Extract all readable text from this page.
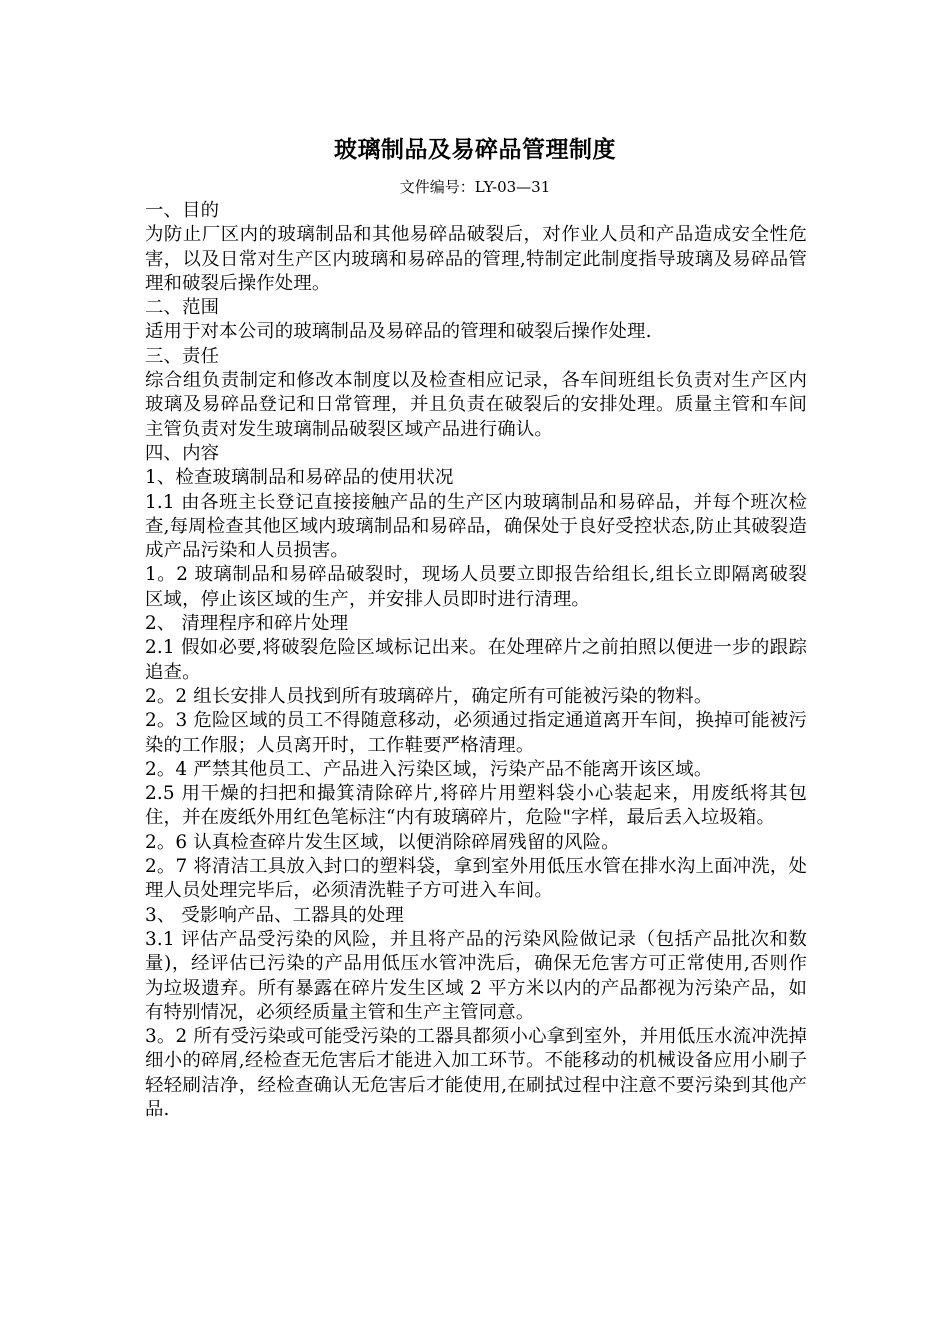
玻璃制品及易碎品管理制度
文件编号：LY-03—31

一、目的

为防止厂区内的玻璃制品和其他易碎品破裂后，对作业人员和产品造成安全性危害，以及日常对生产区内玻璃和易碎品的管理,特制定此制度指导玻璃及易碎品管理和破裂后操作处理。

二、范围

适用于对本公司的玻璃制品及易碎品的管理和破裂后操作处理.

三、责任

综合组负责制定和修改本制度以及检查相应记录，各车间班组长负责对生产区内玻璃及易碎品登记和日常管理，并且负责在破裂后的安排处理。质量主管和车间主管负责对发生玻璃制品破裂区域产品进行确认。

四、内容

1、检查玻璃制品和易碎品的使用状况

1.1 由各班主长登记直接接触产品的生产区内玻璃制品和易碎品，并每个班次检查,每周检查其他区域内玻璃制品和易碎品，确保处于良好受控状态,防止其破裂造成产品污染和人员损害。

1。2 玻璃制品和易碎品破裂时，现场人员要立即报告给组长,组长立即隔离破裂区域，停止该区域的生产，并安排人员即时进行清理。

2、 清理程序和碎片处理

2.1 假如必要,将破裂危险区域标记出来。在处理碎片之前拍照以便进一步的跟踪追查。

2。2 组长安排人员找到所有玻璃碎片，确定所有可能被污染的物料。

2。3 危险区域的员工不得随意移动，必须通过指定通道离开车间，换掉可能被污染的工作服；人员离开时，工作鞋要严格清理。

2。4 严禁其他员工、产品进入污染区域，污染产品不能离开该区域。

2.5 用干燥的扫把和撮箕清除碎片,将碎片用塑料袋小心装起来，用废纸将其包住，并在废纸外用红色笔标注“内有玻璃碎片，危险"字样，最后丢入垃圾箱。

2。6 认真检查碎片发生区域，以便消除碎屑残留的风险。

2。7 将清洁工具放入封口的塑料袋，拿到室外用低压水管在排水沟上面冲洗，处理人员处理完毕后，必须清洗鞋子方可进入车间。

3、 受影响产品、工器具的处理

3.1 评估产品受污染的风险，并且将产品的污染风险做记录（包括产品批次和数量)，经评估已污染的产品用低压水管冲洗后，确保无危害方可正常使用,否则作为垃圾遗弃。所有暴露在碎片发生区域 2 平方米以内的产品都视为污染产品，如有特别情况，必须经质量主管和生产主管同意。

3。2 所有受污染或可能受污染的工器具都须小心拿到室外，并用低压水流冲洗掉细小的碎屑,经检查无危害后才能进入加工环节。不能移动的机械设备应用小刷子轻轻刷洁净，经检查确认无危害后才能使用,在刷拭过程中注意不要污染到其他产品.
